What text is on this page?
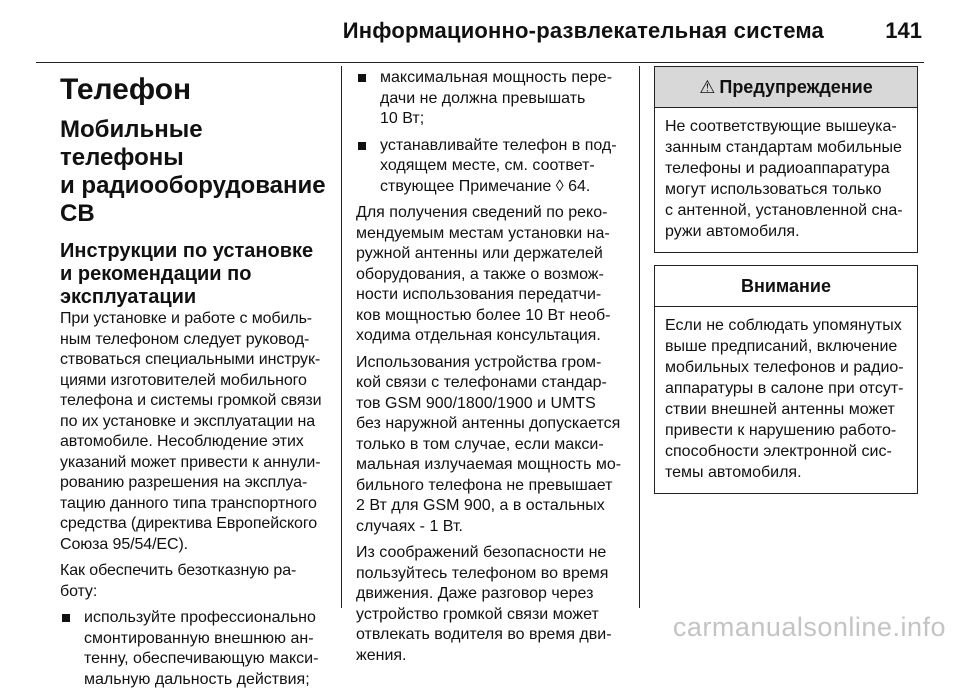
Информационно-развлекательная система	141
Телефон
Мобильные телефоны
и радиооборудование CB
Инструкции по установке
и рекомендации по
эксплуатации

При установке и работе с мобиль-
ным телефоном следует руковод-
ствоваться специальными инструк-
циями изготовителей мобильного
телефона и системы громкой связи
по их установке и эксплуатации на
автомобиле. Несоблюдение этих
указаний может привести к аннули-
рованию разрешения на эксплуа-
тацию данного типа транспортного
средства (директива Европейского
Союза 95/54/EC).

Как обеспечить безотказную ра-
боту:

используйте профессионально
смонтированную внешнюю ан-
тенну, обеспечивающую макси-
мальную дальность действия;
максимальная мощность пере-
дачи не должна превышать
10 Вт;
устанавливайте телефон в под-
ходящем месте, см. соответ-
ствующее Примечание ◊ 64.

Для получения сведений по реко-
мендуемым местам установки на-
ружной антенны или держателей
оборудования, а также о возмож-
ности использования передатчи-
ков мощностью более 10 Вт необ-
ходима отдельная консультация.

Использования устройства гром-
кой связи с телефонами стандар-
тов GSM 900/1800/1900 и UMTS
без наружной антенны допускается
только в том случае, если макси-
мальная излучаемая мощность мо-
бильного телефона не превышает
2 Вт для GSM 900, а в остальных
случаях - 1 Вт.

Из соображений безопасности не
пользуйтесь телефоном во время
движения. Даже разговор через
устройство громкой связи может
отвлекать водителя во время дви-
жения.

⚠ Предупреждение

Не соответствующие вышеука-
занным стандартам мобильные
телефоны и радиоаппаратура
могут использоваться только
с антенной, установленной сна-
ружи автомобиля.

Внимание

Если не соблюдать упомянутых
выше предписаний, включение
мобильных телефонов и радио-
аппаратуры в салоне при отсут-
ствии внешней антенны может
привести к нарушению работо-
способности электронной сис-
темы автомобиля.

carmanualsonline.info
